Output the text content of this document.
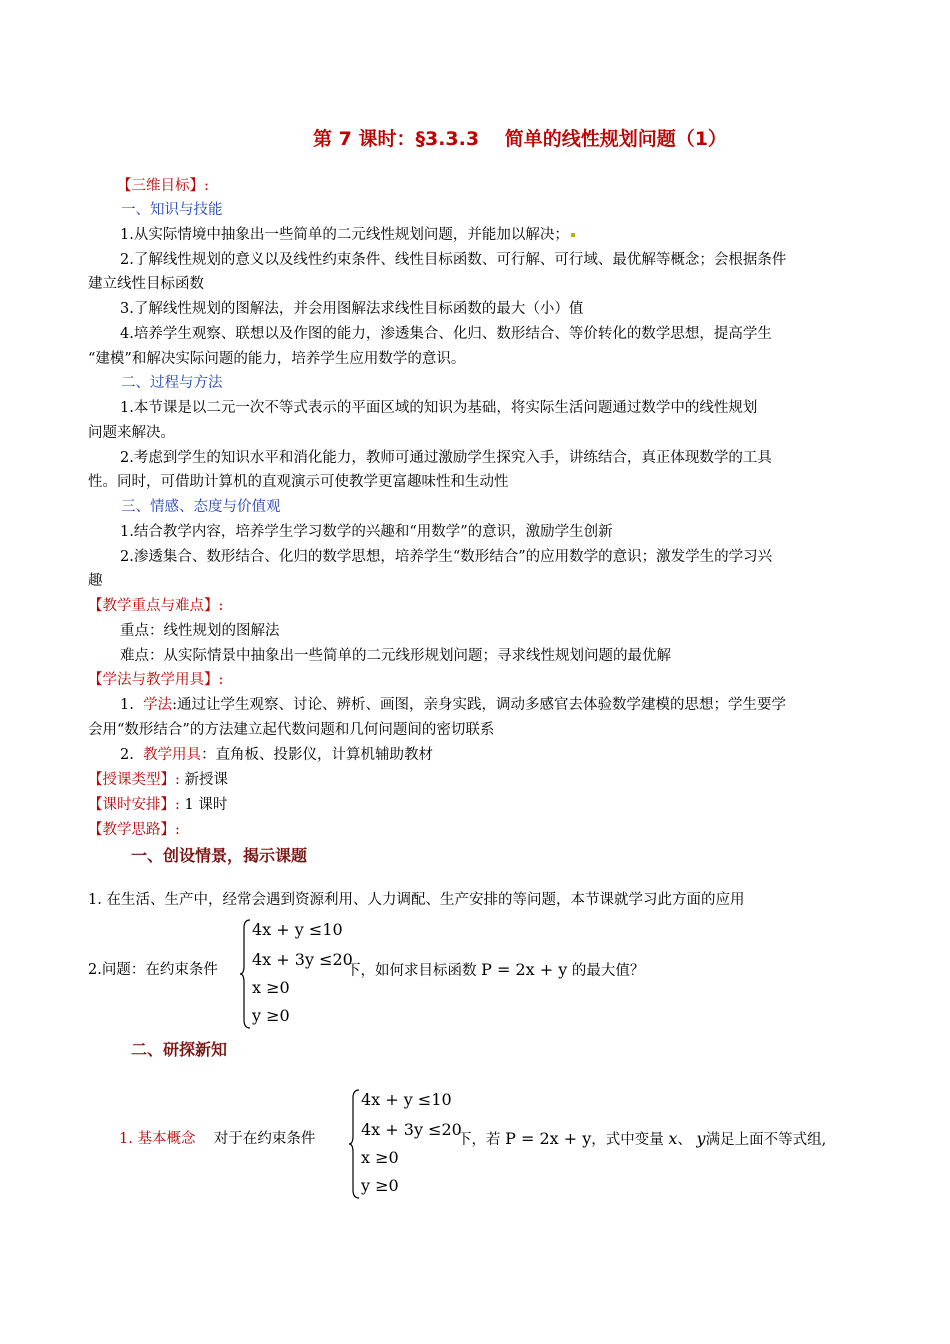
第 7 课时：§3.3.3　 简单的线性规划问题（1）
【三维目标】:
一、知识与技能
1.从实际情境中抽象出一些简单的二元线性规划问题，并能加以解决；
2.了解线性规划的意义以及线性约束条件、线性目标函数、可行解、可行域、最优解等概念；会根据条件
建立线性目标函数
3.了解线性规划的图解法，并会用图解法求线性目标函数的最大（小）值
4.培养学生观察、联想以及作图的能力，渗透集合、化归、数形结合、等价转化的数学思想，提高学生
“建模”和解决实际问题的能力，培养学生应用数学的意识。
二、过程与方法
1.本节课是以二元一次不等式表示的平面区域的知识为基础，将实际生活问题通过数学中的线性规划
问题来解决。
2.考虑到学生的知识水平和消化能力，教师可通过激励学生探究入手，讲练结合，真正体现数学的工具
性。同时，可借助计算机的直观演示可使教学更富趣味性和生动性
三、情感、态度与价值观
1.结合教学内容，培养学生学习数学的兴趣和“用数学”的意识，激励学生创新
2.渗透集合、数形结合、化归的数学思想，培养学生“数形结合”的应用数学的意识；激发学生的学习兴
趣
【教学重点与难点】:
重点：线性规划的图解法
难点：从实际情景中抽象出一些简单的二元线形规划问题；寻求线性规划问题的最优解
【学法与教学用具】:
1. 学法:通过让学生观察、讨论、辨析、画图，亲身实践，调动多感官去体验数学建模的思想；学生要学
会用“数形结合”的方法建立起代数问题和几何问题间的密切联系
2. 教学用具：直角板、投影仪，计算机辅助教材
【授课类型】: 新授课
【课时安排】: 1 课时
【教学思路】:
一、创设情景，揭示课题
1. 在生活、生产中，经常会遇到资源利用、人力调配、生产安排的等问题，本节课就学习此方面的应用
2.问题：在约束条件
4x + y ≤10
4x + 3y ≤20
x ≥0
y ≥0
下，如何求目标函数 P = 2x + y 的最大值？
二、研探新知
1. 基本概念 对于在约束条件
4x + y ≤10
4x + 3y ≤20
x ≥0
y ≥0
下，若 P = 2x + y，式中变量 x、 y满足上面不等式组,
